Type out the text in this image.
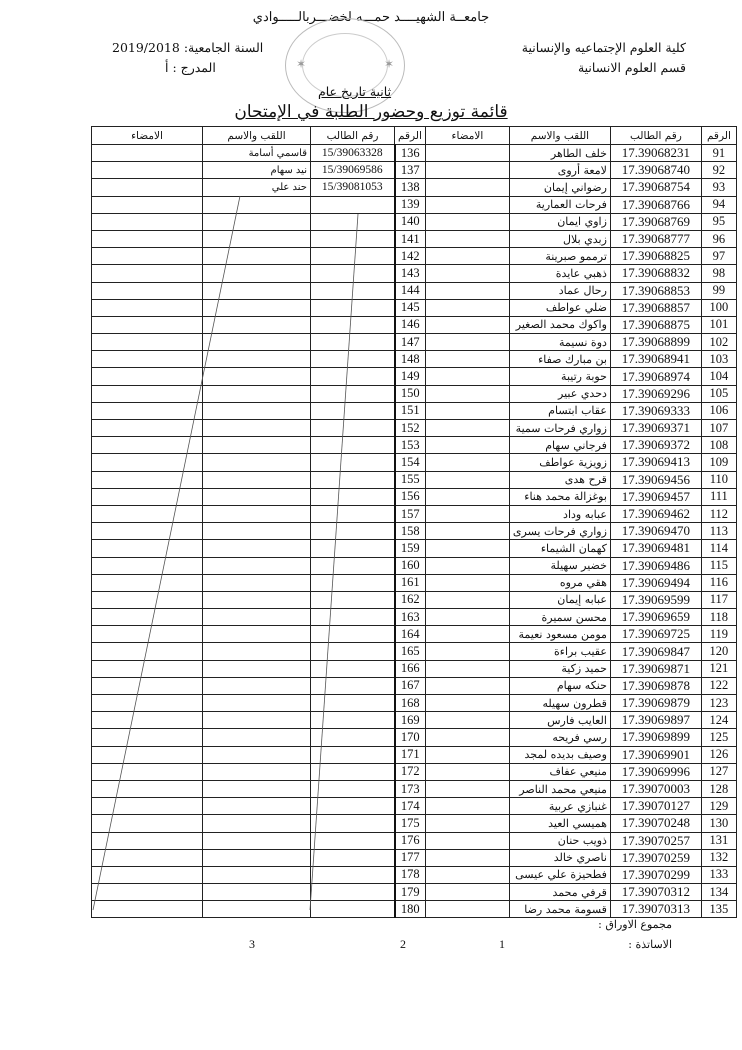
جامعــة الشهيــــد حمـــه لخضـــربالـــــوادي
كلية العلوم الإجتماعيه والإنسانية
قسم العلوم الانسانية
السنة الجامعية: 2019/2018
المدرج : أ	✶	✶
ثانية تاريخ عام
قائمة توزيع وحضور الطلبة في الإمتحان
الرقم	رقم الطالب	اللقب والاسم	الامضاء	الرقم	رقم الطالب	اللقب والاسم	الامضاء
91	17.39068231	خلف الطاهر		136	15/39063328	قاسمي أسامة	
92	17.39068740	لامعة أروى		137	15/39069586	نيد سهام	
93	17.39068754	رضواني إيمان		138	15/39081053	حند علي	
94	17.39068766	فرحات العمارية		139			
95	17.39068769	زاوي ايمان		140			
96	17.39068777	زبدي بلال		141			
97	17.39068825	ترممو صبرينة		142			
98	17.39068832	ذهبي عايدة		143			
99	17.39068853	رحال عماد		144			
100	17.39068857	ضلي عواطف		145			
101	17.39068875	واكوك محمد الصغير		146			
102	17.39068899	دوة نسيمة		147			
103	17.39068941	بن مبارك صفاء		148			
104	17.39068974	حوبة رتيبة		149			
105	17.39069296	دحدي عبير		150			
106	17.39069333	عقاب ابتسام		151			
107	17.39069371	زواري فرحات سمية		152			
108	17.39069372	فرجاني سهام		153			
109	17.39069413	زويزية عواطف		154			
110	17.39069456	قرح هدى		155			
111	17.39069457	بوغزالة محمد هناء		156			
112	17.39069462	عبابه وداد		157			
113	17.39069470	زواري فرحات يسرى		158			
114	17.39069481	كهمان الشيماء		159			
115	17.39069486	خضير سهيلة		160			
116	17.39069494	هقي مروه		161			
117	17.39069599	عبابه إيمان		162			
118	17.39069659	محسن سميرة		163			
119	17.39069725	مومن مسعود نعيمة		164			
120	17.39069847	عقيب براءة		165			
121	17.39069871	حميد زكية		166			
122	17.39069878	حنكه سهام		167			
123	17.39069879	قطرون سهيله		168			
124	17.39069897	العايب فارس		169			
125	17.39069899	رسي فريحه		170			
126	17.39069901	وصيف بديده لمجد		171			
127	17.39069996	منيعي عفاف		172			
128	17.39070003	منيعي محمد الناصر		173			
129	17.39070127	غنبازي عربية		174			
130	17.39070248	همیسي العيد		175			
131	17.39070257	ذويب حنان		176			
132	17.39070259	ناصري خالد		177			
133	17.39070299	فطحيزة علي عيسى		178			
134	17.39070312	قرفي محمد		179			
135	17.39070313	قسومة محمد رضا		180			
مجموع الاوراق :
الاساتذة :
1
2
3
